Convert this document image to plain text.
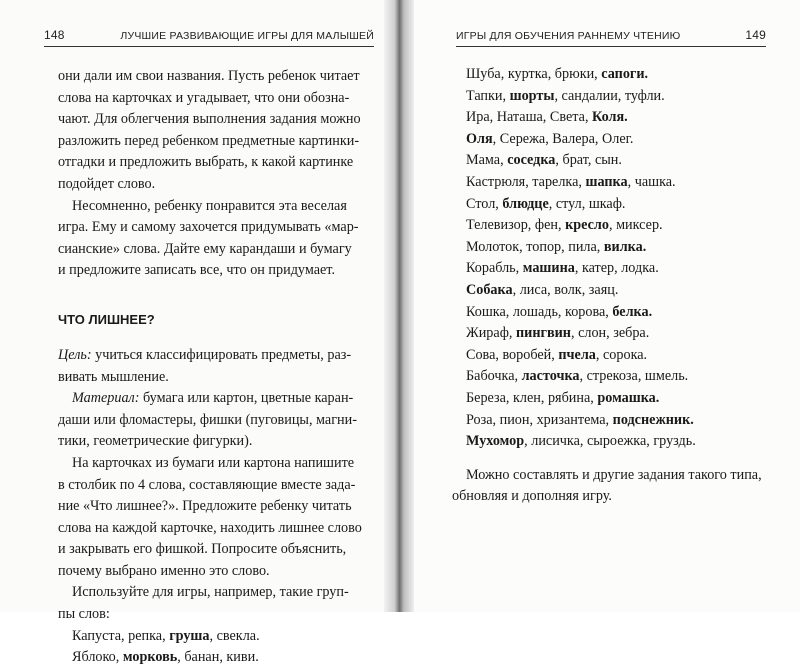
148	ЛУЧШИЕ РАЗВИВАЮЩИЕ ИГРЫ ДЛЯ МАЛЫШЕЙ
они дали им свои названия. Пусть ребенок читает
слова на карточках и угадывает, что они обозна-
чают. Для облегчения выполнения задания можно
разложить перед ребенком предметные картинки-
отгадки и предложить выбрать, к какой картинке
подойдет слово.
Несомненно, ребенку понравится эта веселая
игра. Ему и самому захочется придумывать «мар-
сианские» слова. Дайте ему карандаши и бумагу
и предложите записать все, что он придумает.
ЧТО ЛИШНЕЕ?
Цель: учиться классифицировать предметы, раз-
вивать мышление.
Материал: бумага или картон, цветные каран-
даши или фломастеры, фишки (пуговицы, магни-
тики, геометрические фигурки).
На карточках из бумаги или картона напишите
в столбик по 4 слова, составляющие вместе зада-
ние «Что лишнее?». Предложите ребенку читать
слова на каждой карточке, находить лишнее слово
и закрывать его фишкой. Попросите объяснить,
почему выбрано именно это слово.
Используйте для игры, например, такие груп-
пы слов:
Капуста, репка, груша, свекла.
Яблоко, морковь, банан, киви.
ИГРЫ ДЛЯ ОБУЧЕНИЯ РАННЕМУ ЧТЕНИЮ	149
Шуба, куртка, брюки, сапоги.
Тапки, шорты, сандалии, туфли.
Ира, Наташа, Света, Коля.
Оля, Сережа, Валера, Олег.
Мама, соседка, брат, сын.
Кастрюля, тарелка, шапка, чашка.
Стол, блюдце, стул, шкаф.
Телевизор, фен, кресло, миксер.
Молоток, топор, пила, вилка.
Корабль, машина, катер, лодка.
Собака, лиса, волк, заяц.
Кошка, лошадь, корова, белка.
Жираф, пингвин, слон, зебра.
Сова, воробей, пчела, сорока.
Бабочка, ласточка, стрекоза, шмель.
Береза, клен, рябина, ромашка.
Роза, пион, хризантема, подснежник.
Мухомор, лисичка, сыроежка, груздь.
Можно составлять и другие задания такого типа,
обновляя и дополняя игру.
